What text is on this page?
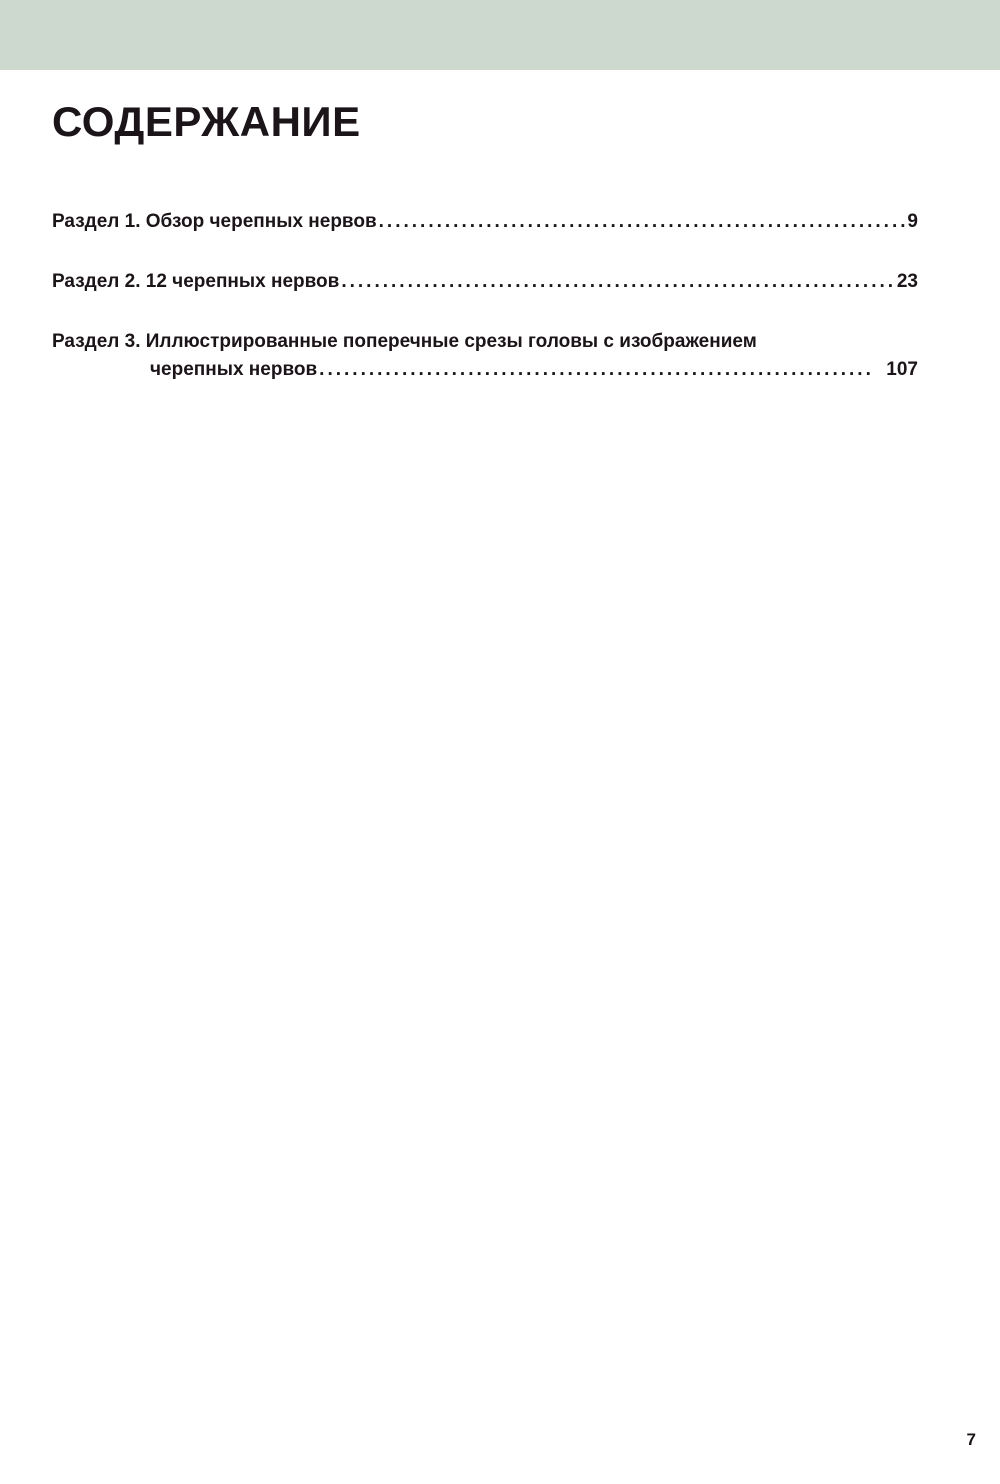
СОДЕРЖАНИЕ
Раздел 1. Обзор черепных нервов .....	9
Раздел 2. 12 черепных нервов .....	23
Раздел 3. Иллюстрированные поперечные срезы головы с изображением
черепных нервов .....	107
7
